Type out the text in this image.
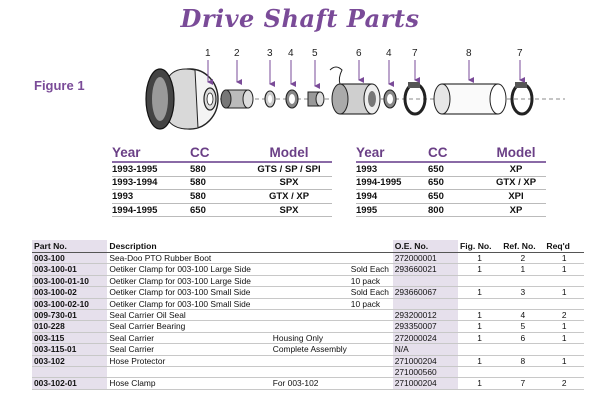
Drive Shaft Parts
Figure 1
1 2	3 4 5	6 4 7	8	7
Year	CC	Model
1993-1995	580	GTS / SP / SPI
1993-1994	580	SPX
1993	580	GTX / XP
1994-1995	650	SPX
Year	CC	Model
1993	650	XP
1994-1995	650	GTX / XP
1994	650	XPI
1995	800	XP
Part No.	Description			O.E. No.	Fig. No.	Ref. No.	Req'd
003-100	Sea-Doo PTO Rubber Boot			272000001	1	2	1
003-100-01	Oetiker Clamp for 003-100 Large Side		Sold Each	293660021	1	1	1
003-100-01-10	Oetiker Clamp for 003-100 Large Side		10 pack				
003-100-02	Oetiker Clamp for 003-100 Small Side		Sold Each	293660067	1	3	1
003-100-02-10	Oetiker Clamp for 003-100 Small Side		10 pack				
009-730-01	Seal Carrier Oil Seal			293200012	1	4	2
010-228	Seal Carrier Bearing			293350007	1	5	1
003-115	Seal Carrier	Housing Only		272000024	1	6	1
003-115-01	Seal Carrier	Complete Assembly		N/A			
003-102	Hose Protector			271000204	1	8	1
				271000560			
003-102-01	Hose Clamp	For 003-102		271000204	1	7	2
